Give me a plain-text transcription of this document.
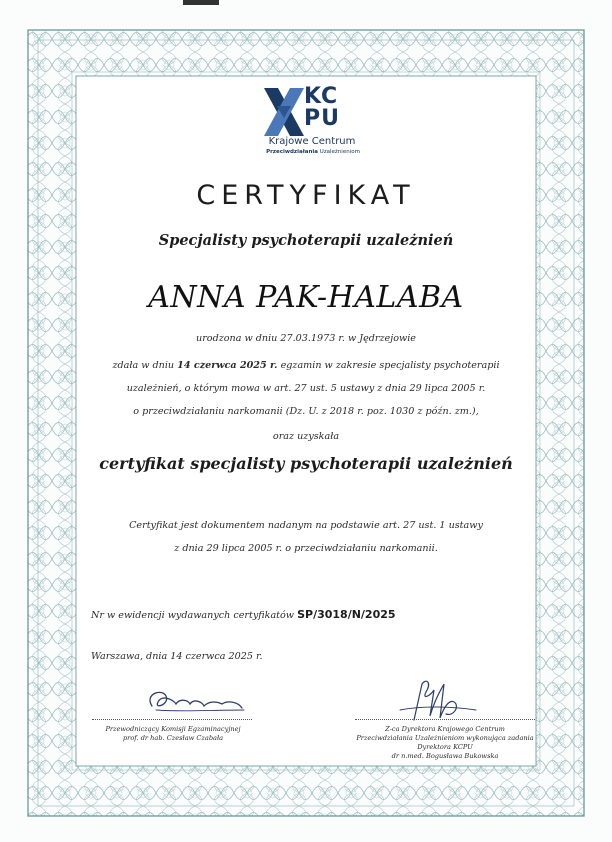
KC
PU
Krajowe Centrum
Przeciwdziałania Uzależnieniom
CERTYFIKAT
Specjalisty psychoterapii uzależnień
ANNA PAK-HALABA
urodzona w dniu 27.03.1973 r. w Jędrzejowie
zdała w dniu 14 czerwca 2025 r. egzamin w zakresie specjalisty psychoterapii
uzależnień, o którym mowa w art. 27 ust. 5 ustawy z dnia 29 lipca 2005 r.
o przeciwdziałaniu narkomanii (Dz. U. z 2018 r. poz. 1030 z późn. zm.),
oraz uzyskała
certyfikat specjalisty psychoterapii uzależnień
Certyfikat jest dokumentem nadanym na podstawie art. 27 ust. 1 ustawy
z dnia 29 lipca 2005 r. o przeciwdziałaniu narkomanii.
Nr w ewidencji wydawanych certyfikatów SP/3018/N/2025
Warszawa, dnia 14 czerwca 2025 r.
Przewodniczący Komisji Egzaminacyjnej
prof. dr hab. Czesław Czabała
Z-ca Dyrektora Krajowego Centrum
Przeciwdziałania Uzależnieniom wykonująca zadania
Dyrektora KCPU
dr n.med. Bogusława Bukowska
